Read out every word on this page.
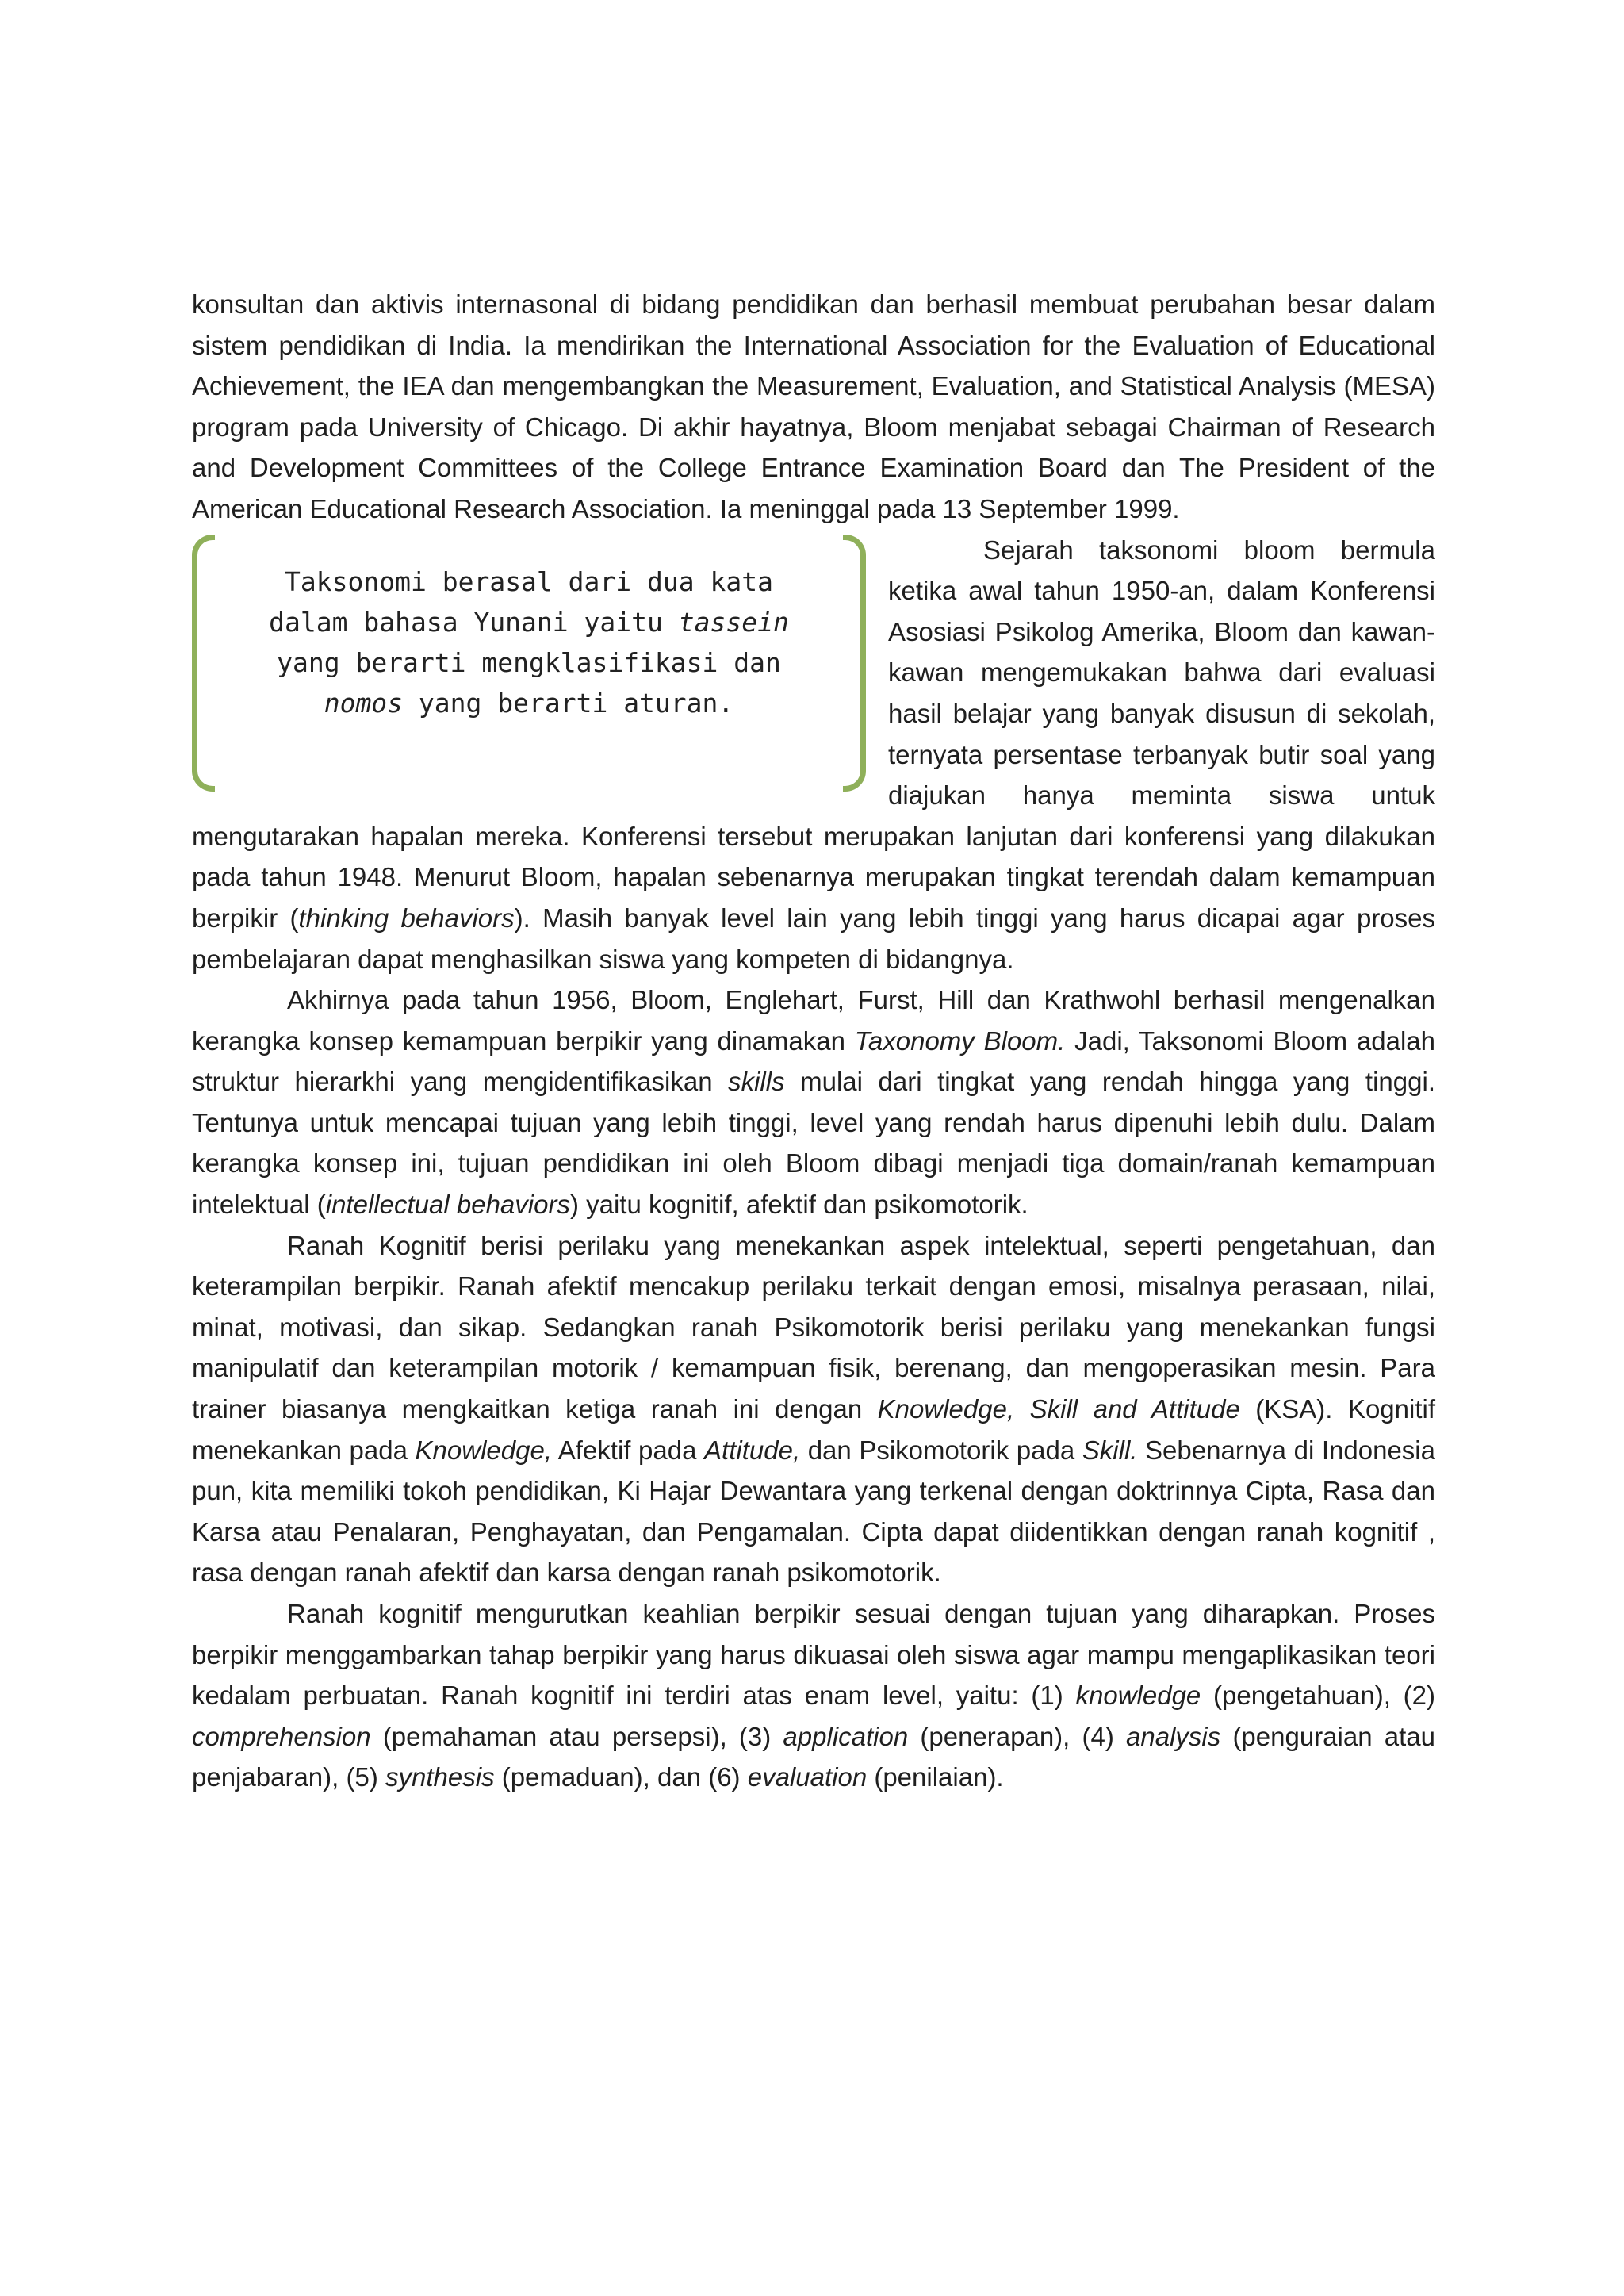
konsultan dan aktivis internasonal di bidang pendidikan dan berhasil membuat perubahan besar dalam sistem pendidikan di India. Ia mendirikan the International Association for the Evaluation of Educational Achievement, the IEA dan mengembangkan the Measurement, Evaluation, and Statistical Analysis (MESA) program pada University of Chicago. Di akhir hayatnya, Bloom menjabat sebagai Chairman of Research and Development Committees of the College Entrance Examination Board dan The President of the American Educational Research Association. Ia meninggal pada 13 September 1999.

Taksonomi berasal dari dua kata dalam bahasa Yunani yaitu tassein yang berarti mengklasifikasi dan nomos yang berarti aturan.

Sejarah taksonomi bloom bermula ketika awal tahun 1950-an, dalam Konferensi Asosiasi Psikolog Amerika, Bloom dan kawan-kawan mengemukakan bahwa dari evaluasi hasil belajar yang banyak disusun di sekolah, ternyata persentase terbanyak butir soal yang diajukan hanya meminta siswa untuk mengutarakan hapalan mereka. Konferensi tersebut merupakan lanjutan dari konferensi yang dilakukan pada tahun 1948. Menurut Bloom, hapalan sebenarnya merupakan tingkat terendah dalam kemampuan berpikir (thinking behaviors). Masih banyak level lain yang lebih tinggi yang harus dicapai agar proses pembelajaran dapat menghasilkan siswa yang kompeten di bidangnya.

Akhirnya pada tahun 1956, Bloom, Englehart, Furst, Hill dan Krathwohl berhasil mengenalkan kerangka konsep kemampuan berpikir yang dinamakan Taxonomy Bloom. Jadi, Taksonomi Bloom adalah struktur hierarkhi yang mengidentifikasikan skills mulai dari tingkat yang rendah hingga yang tinggi. Tentunya untuk mencapai tujuan yang lebih tinggi, level yang rendah harus dipenuhi lebih dulu. Dalam kerangka konsep ini, tujuan pendidikan ini oleh Bloom dibagi menjadi tiga domain/ranah kemampuan intelektual (intellectual behaviors) yaitu kognitif, afektif dan psikomotorik.

Ranah Kognitif berisi perilaku yang menekankan aspek intelektual, seperti pengetahuan, dan keterampilan berpikir. Ranah afektif mencakup perilaku terkait dengan emosi, misalnya perasaan, nilai, minat, motivasi, dan sikap. Sedangkan ranah Psikomotorik berisi perilaku yang menekankan fungsi manipulatif dan keterampilan motorik / kemampuan fisik, berenang, dan mengoperasikan mesin. Para trainer biasanya mengkaitkan ketiga ranah ini dengan Knowledge, Skill and Attitude (KSA). Kognitif menekankan pada Knowledge, Afektif pada Attitude, dan Psikomotorik pada Skill. Sebenarnya di Indonesia pun, kita memiliki tokoh pendidikan, Ki Hajar Dewantara yang terkenal dengan doktrinnya Cipta, Rasa dan Karsa atau Penalaran, Penghayatan, dan Pengamalan. Cipta dapat diidentikkan dengan ranah kognitif , rasa dengan ranah afektif dan karsa dengan ranah psikomotorik.

Ranah kognitif mengurutkan keahlian berpikir sesuai dengan tujuan yang diharapkan. Proses berpikir menggambarkan tahap berpikir yang harus dikuasai oleh siswa agar mampu mengaplikasikan teori kedalam perbuatan. Ranah kognitif ini terdiri atas enam level, yaitu: (1) knowledge (pengetahuan), (2) comprehension (pemahaman atau persepsi), (3) application (penerapan), (4) analysis (penguraian atau penjabaran), (5) synthesis (pemaduan), dan (6) evaluation (penilaian).
